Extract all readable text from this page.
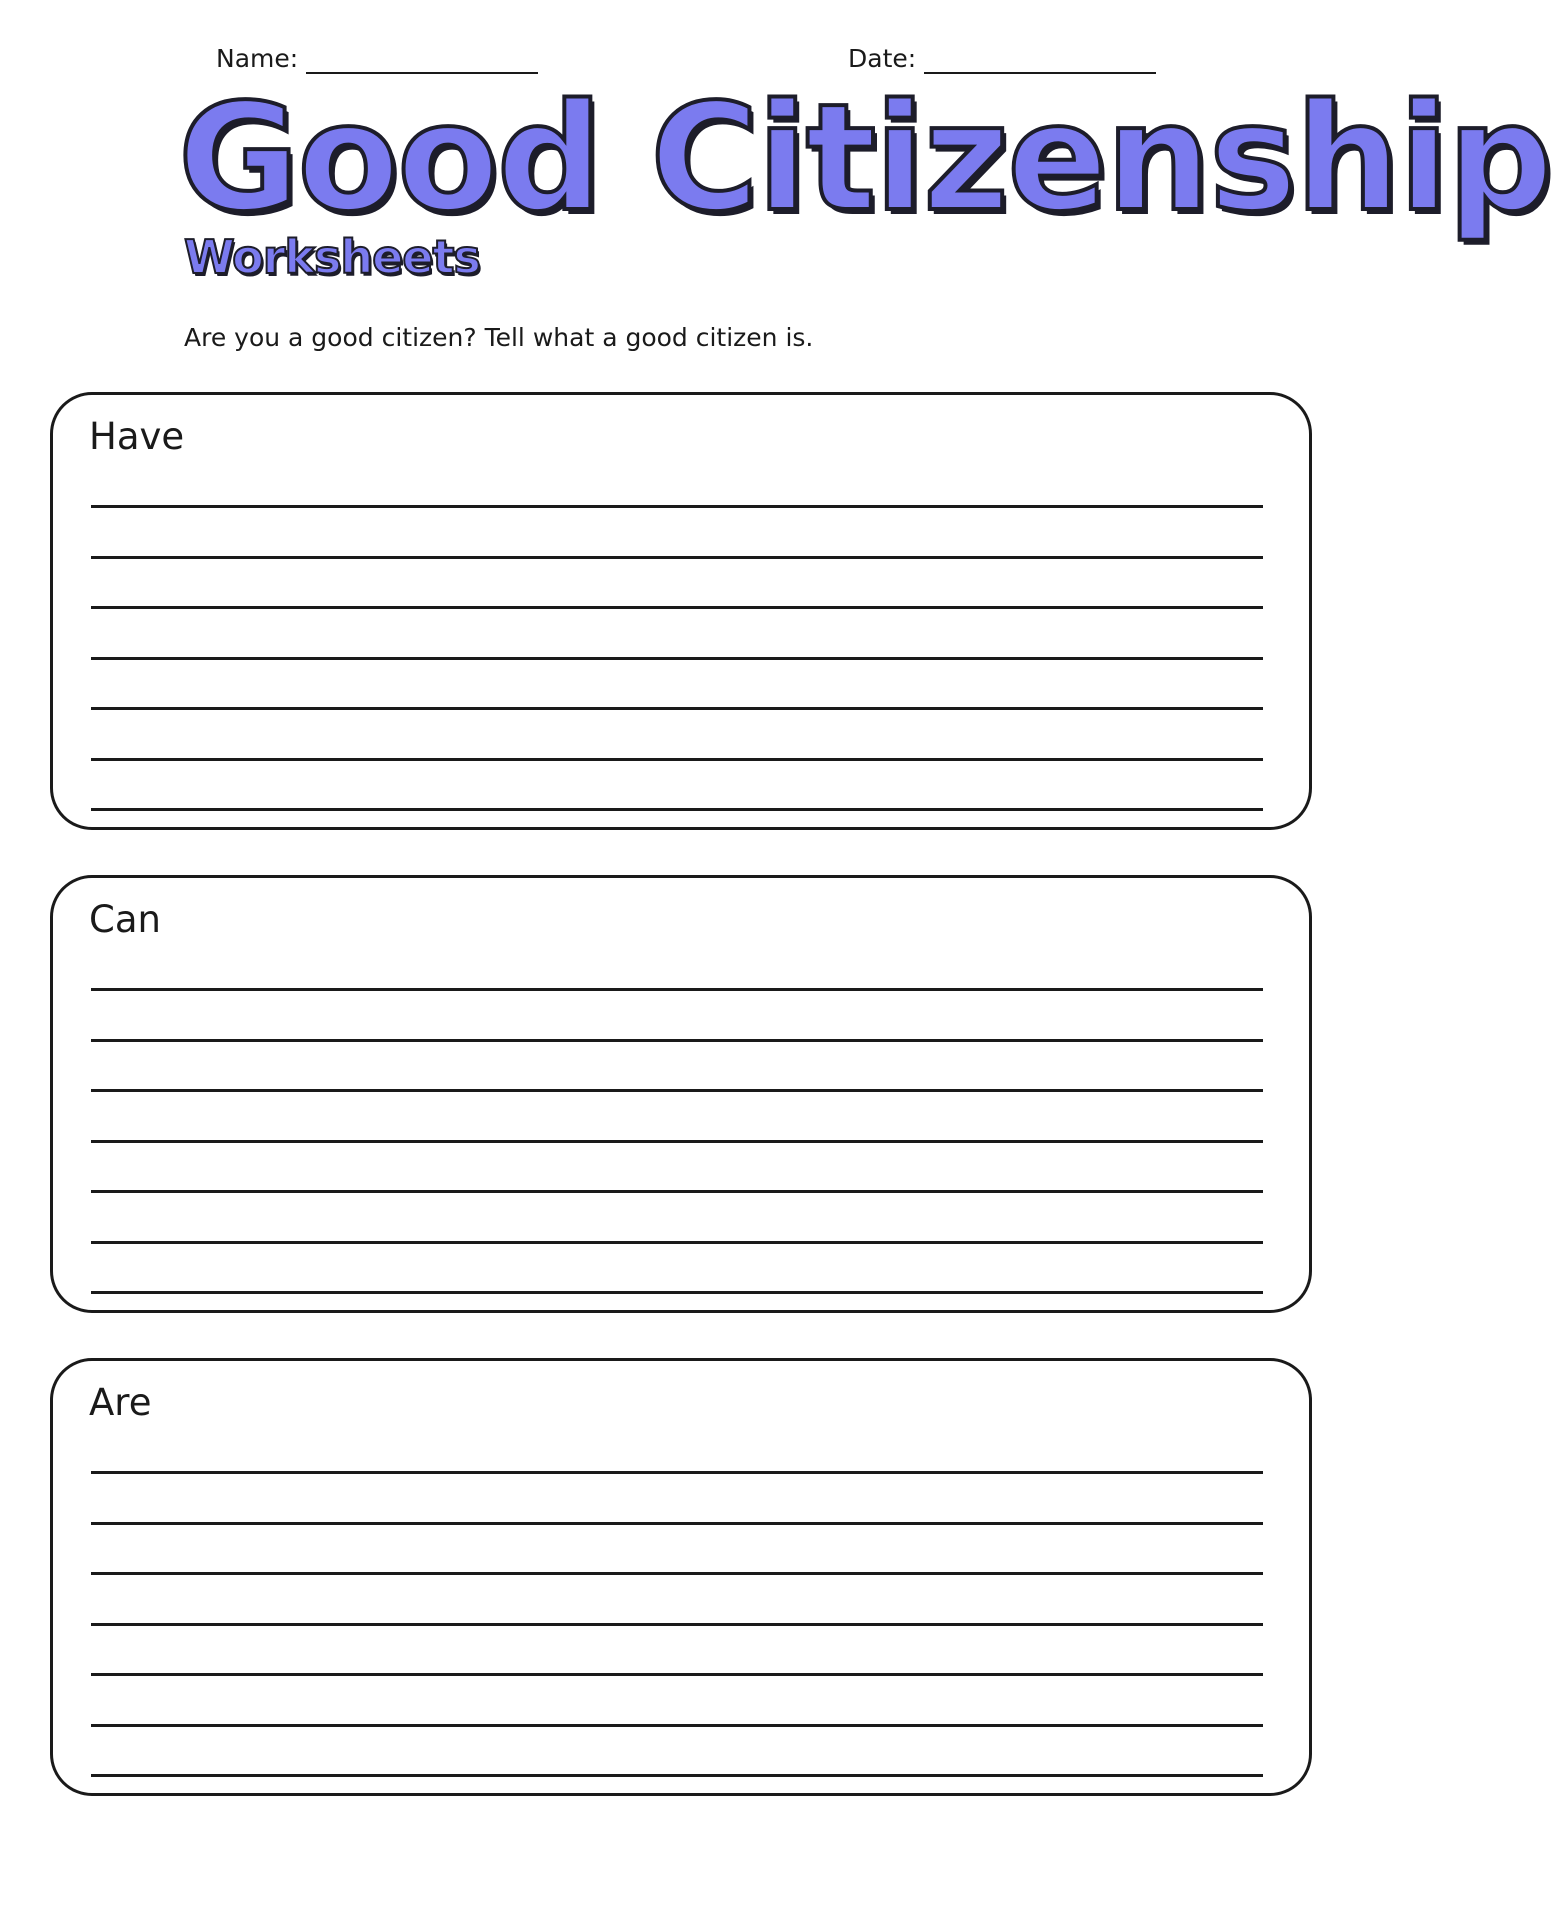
Name:	Date:
Good Citizenship
Worksheets
Are you a good citizen? Tell what a good citizen is.
Have
Can
Are
